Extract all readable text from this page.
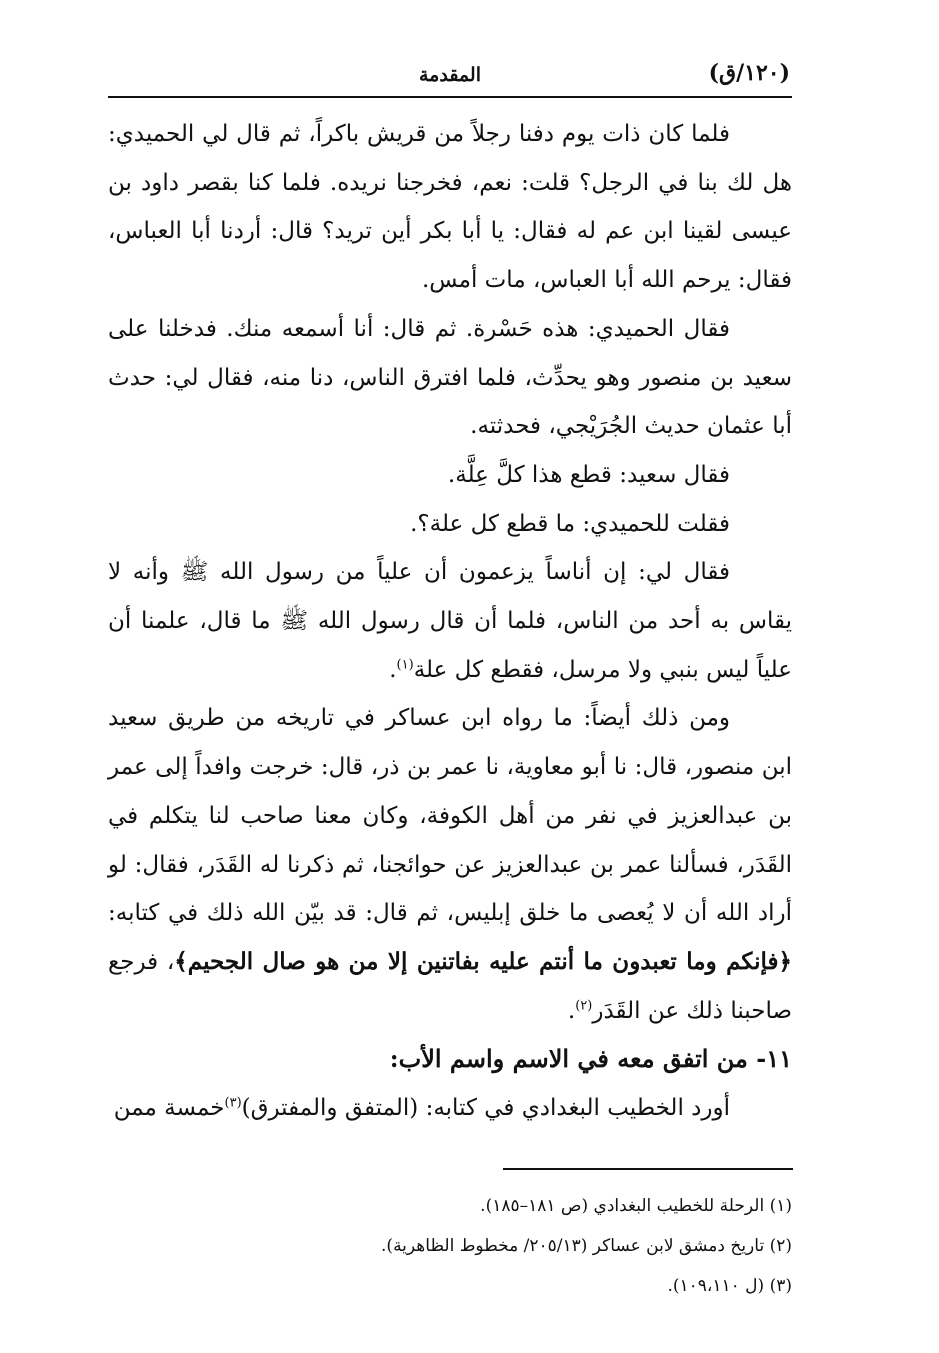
(١٢٠/ق)
المقدمة

فلما كان ذات يوم دفنا رجلاً من قريش باكراً، ثم قال لي الحميدي: هل لك بنا في الرجل؟ قلت: نعم، فخرجنا نريده. فلما كنا بقصر داود بن عيسى لقينا ابن عم له فقال: يا أبا بكر أين تريد؟ قال: أردنا أبا العباس، فقال: يرحم الله أبا العباس، مات أمس.

فقال الحميدي: هذه حَسْرة. ثم قال: أنا أسمعه منك. فدخلنا على سعيد بن منصور وهو يحدِّث، فلما افترق الناس، دنا منه، فقال لي: حدث أبا عثمان حديث الجُرَيْجي، فحدثته.

فقال سعيد: قطع هذا كلَّ عِلَّة.

فقلت للحميدي: ما قطع كل علة؟.

فقال لي: إن أناساً يزعمون أن علياً من رسول الله ﷺ وأنه لا يقاس به أحد من الناس، فلما أن قال رسول الله ﷺ ما قال، علمنا أن علياً ليس بنبي ولا مرسل، فقطع كل علة$^{(١)}$.

ومن ذلك أيضاً: ما رواه ابن عساكر في تاريخه من طريق سعيد ابن منصور، قال: نا أبو معاوية، نا عمر بن ذر، قال: خرجت وافداً إلى عمر بن عبدالعزيز في نفر من أهل الكوفة، وكان معنا صاحب لنا يتكلم في القَدَر، فسألنا عمر بن عبدالعزيز عن حوائجنا، ثم ذكرنا له القَدَر، فقال: لو أراد الله أن لا يُعصى ما خلق إبليس، ثم قال: قد بيّن الله ذلك في كتابه: ﴿فإنكم وما تعبدون ما أنتم عليه بفاتنين إلا من هو صال الجحيم﴾، فرجع صاحبنا ذلك عن القَدَر$^{(٢)}$.

١١- من اتفق معه في الاسم واسم الأب:

أورد الخطيب البغدادي في كتابه: (المتفق والمفترق)$^{(٣)}$خمسة ممن

(١) الرحلة للخطيب البغدادي (ص ١٨١–١٨٥).
(٢) تاريخ دمشق لابن عساكر (٢٠٥/١٣/ مخطوط الظاهرية).
(٣) (ل ١٠٩،١١٠).
